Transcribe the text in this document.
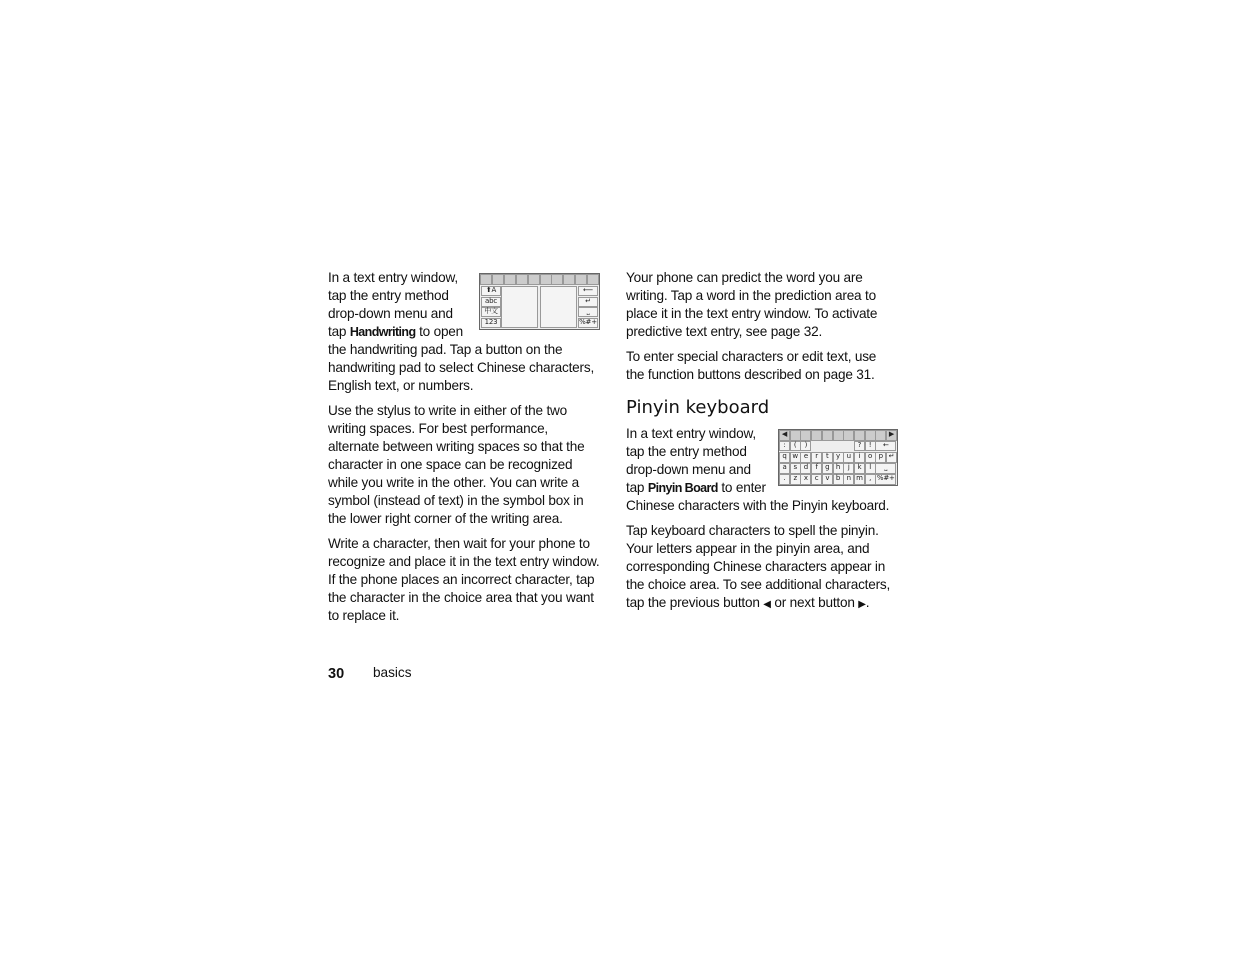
⬆A
abc
中文
123
⟵
↵
⎵
%#+
In a text entry window, tap the entry method drop-down menu and tap Handwriting to open the handwriting pad. Tap a button on the handwriting pad to select Chinese characters, English text, or numbers.

Use the stylus to write in either of the two writing spaces. For best performance, alternate between writing spaces so that the character in one space can be recognized while you write in the other. You can write a symbol (instead of text) in the symbol box in the lower right corner of the writing area.

Write a character, then wait for your phone to recognize and place it in the text entry window. If the phone places an incorrect character, tap the character in the choice area that you want to replace it.

Your phone can predict the word you are writing. Tap a word in the prediction area to place it in the text entry window. To activate predictive text entry, see page 32.

To enter special characters or edit text, use the function buttons described on page 31.

Pinyin keyboard

◀	▶
:	(	)	?	!	←
q w e	r	t	y u	i	o p ↵
a s d	f	g h	j	k	l	⎵
.	z x c v b n m , %#+
In a text entry window, tap the entry method drop-down menu and tap Pinyin Board to enter Chinese characters with the Pinyin keyboard.

Tap keyboard characters to spell the pinyin. Your letters appear in the pinyin area, and corresponding Chinese characters appear in the choice area. To see additional characters, tap the previous button ◀ or next button ▶.

30 basics
